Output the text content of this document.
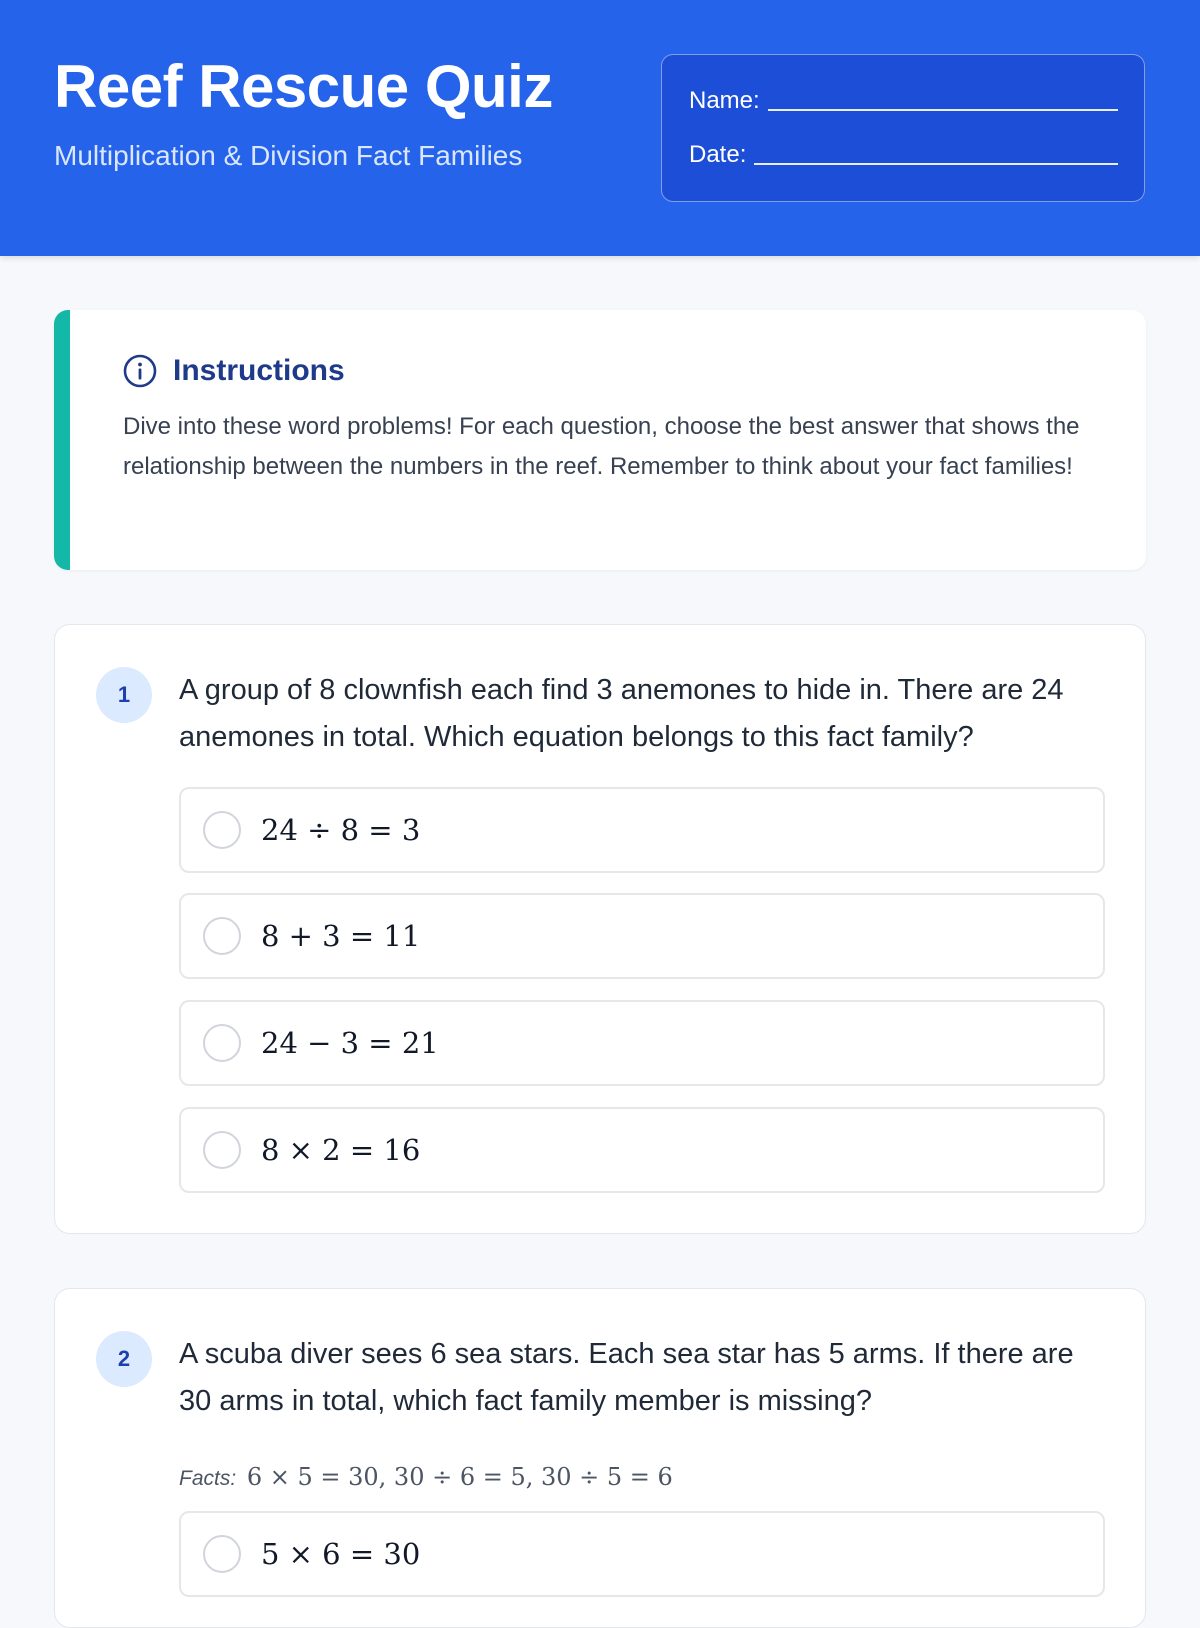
Reef Rescue Quiz
Multiplication & Division Fact Families
Name:
Date:
Instructions
Dive into these word problems! For each question, choose the best answer that shows the relationship between the numbers in the reef. Remember to think about your fact families!
1	A group of 8 clownfish each find 3 anemones to hide in. There are 24 anemones in total. Which equation belongs to this fact family?
24 ÷ 8 = 3
8 + 3 = 11
24 − 3 = 21
8 × 2 = 16
2	A scuba diver sees 6 sea stars. Each sea star has 5 arms. If there are 30 arms in total, which fact family member is missing?
Facts: 6 × 5 = 30, 30 ÷ 6 = 5, 30 ÷ 5 = 6
5 × 6 = 30
